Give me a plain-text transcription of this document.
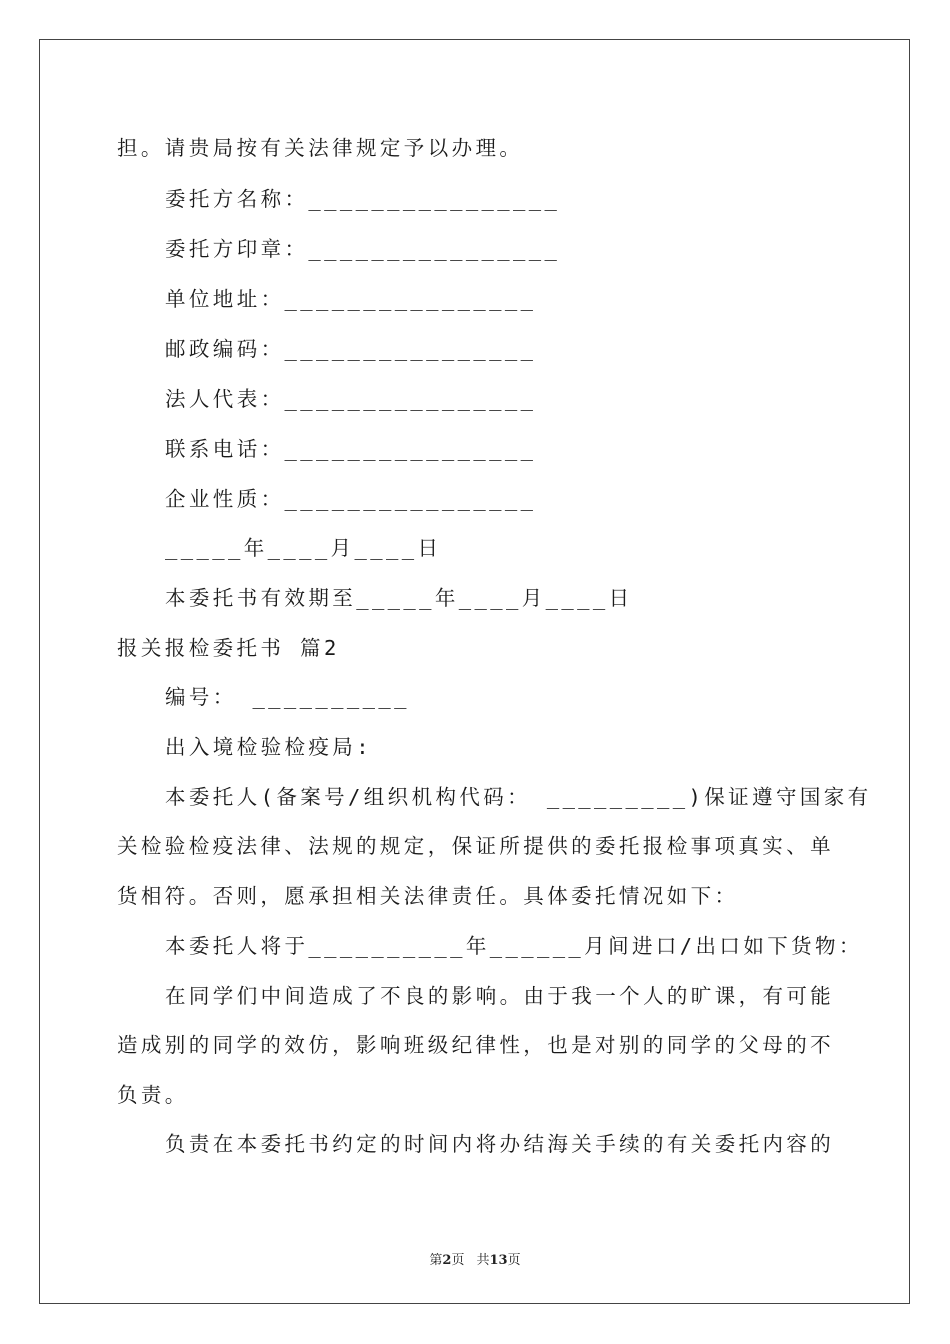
担。请贵局按有关法律规定予以办理。
委托方名称：________________
委托方印章：________________
单位地址：________________
邮政编码：________________
法人代表：________________
联系电话：________________
企业性质：________________
_____年____月____日
本委托书有效期至_____年____月____日
报关报检委托书 篇2
编号： __________
出入境检验检疫局:
本委托人(备案号/组织机构代码： _________)保证遵守国家有
关检验检疫法律、法规的规定，保证所提供的委托报检事项真实、单
货相符。否则，愿承担相关法律责任。具体委托情况如下：
本委托人将于__________年______月间进口/出口如下货物：
在同学们中间造成了不良的影响。由于我一个人的旷课，有可能
造成别的同学的效仿，影响班级纪律性，也是对别的同学的父母的不
负责。
负责在本委托书约定的时间内将办结海关手续的有关委托内容的
第2页 共13页
